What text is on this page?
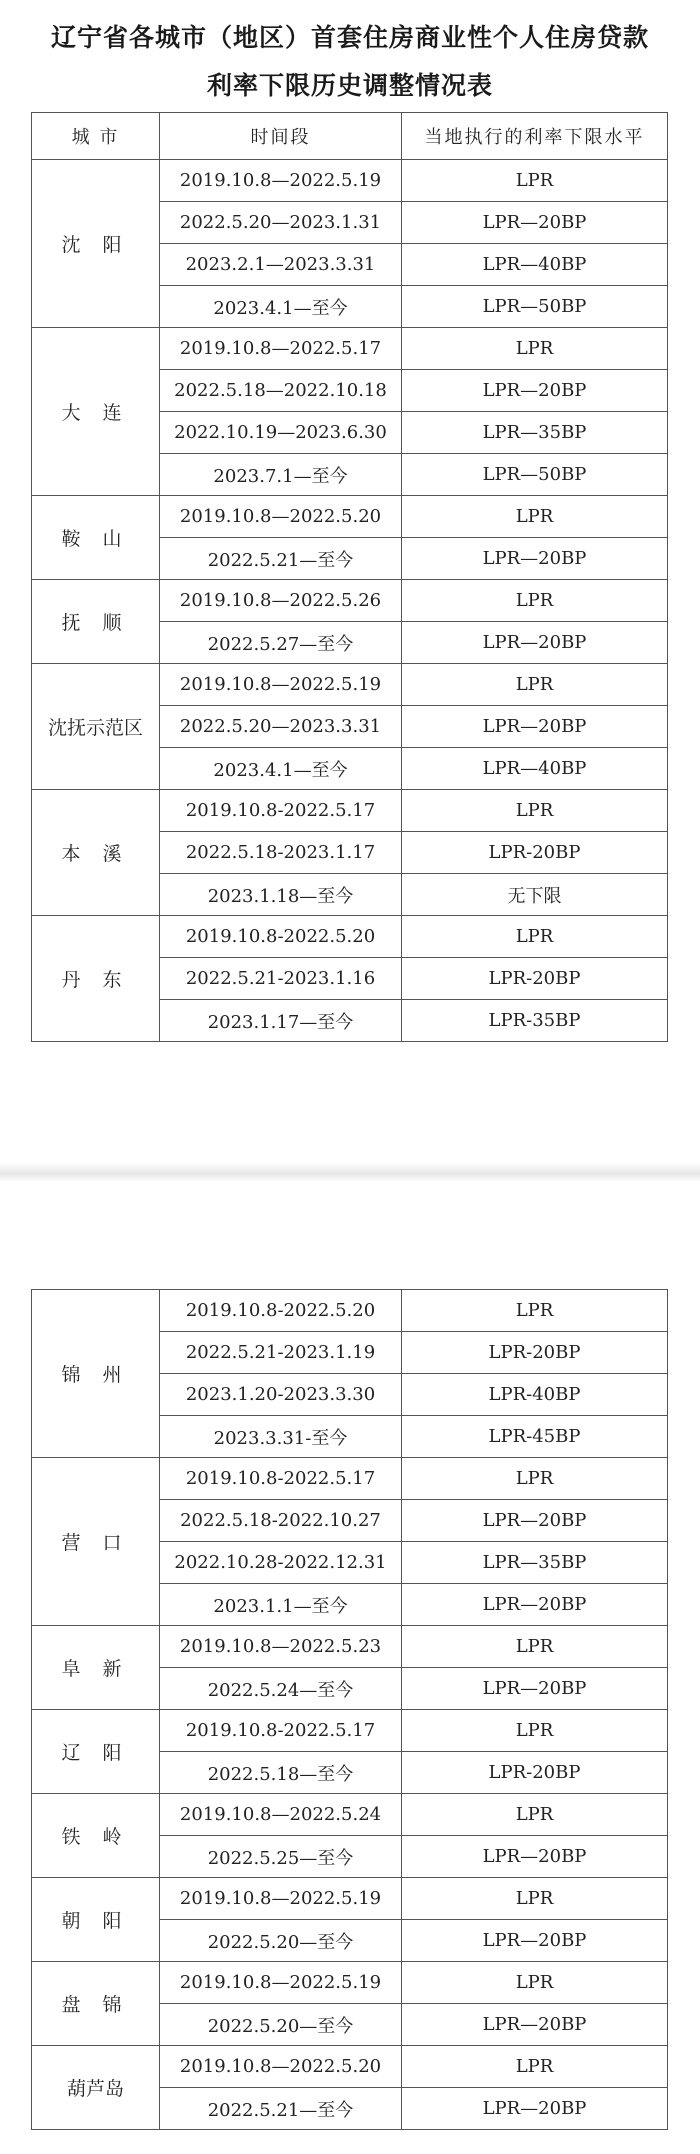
辽宁省各城市（地区）首套住房商业性个人住房贷款
利率下限历史调整情况表
城 市	时间段	当地执行的利率下限水平
沈 阳	2019.10.8—2022.5.19	LPR
	2022.5.20—2023.1.31	LPR—20BP
	2023.2.1—2023.3.31	LPR—40BP
	2023.4.1—至今	LPR—50BP
大 连	2019.10.8—2022.5.17	LPR
	2022.5.18—2022.10.18	LPR—20BP
	2022.10.19—2023.6.30	LPR—35BP
	2023.7.1—至今	LPR—50BP
鞍 山	2019.10.8—2022.5.20	LPR
	2022.5.21—至今	LPR—20BP
抚 顺	2019.10.8—2022.5.26	LPR
	2022.5.27—至今	LPR—20BP
沈抚示范区	2019.10.8—2022.5.19	LPR
	2022.5.20—2023.3.31	LPR—20BP
	2023.4.1—至今	LPR—40BP
本 溪	2019.10.8-2022.5.17	LPR
	2022.5.18-2023.1.17	LPR-20BP
	2023.1.18—至今	无下限
丹 东	2019.10.8-2022.5.20	LPR
	2022.5.21-2023.1.16	LPR-20BP
	2023.1.17—至今	LPR-35BP
锦 州	2019.10.8-2022.5.20	LPR
	2022.5.21-2023.1.19	LPR-20BP
	2023.1.20-2023.3.30	LPR-40BP
	2023.3.31-至今	LPR-45BP
营 口	2019.10.8-2022.5.17	LPR
	2022.5.18-2022.10.27	LPR—20BP
	2022.10.28-2022.12.31	LPR—35BP
	2023.1.1—至今	LPR—20BP
阜 新	2019.10.8—2022.5.23	LPR
	2022.5.24—至今	LPR—20BP
辽 阳	2019.10.8-2022.5.17	LPR
	2022.5.18—至今	LPR-20BP
铁 岭	2019.10.8—2022.5.24	LPR
	2022.5.25—至今	LPR—20BP
朝 阳	2019.10.8—2022.5.19	LPR
	2022.5.20—至今	LPR—20BP
盘 锦	2019.10.8—2022.5.19	LPR
	2022.5.20—至今	LPR—20BP
葫芦岛	2019.10.8—2022.5.20	LPR
	2022.5.21—至今	LPR—20BP
